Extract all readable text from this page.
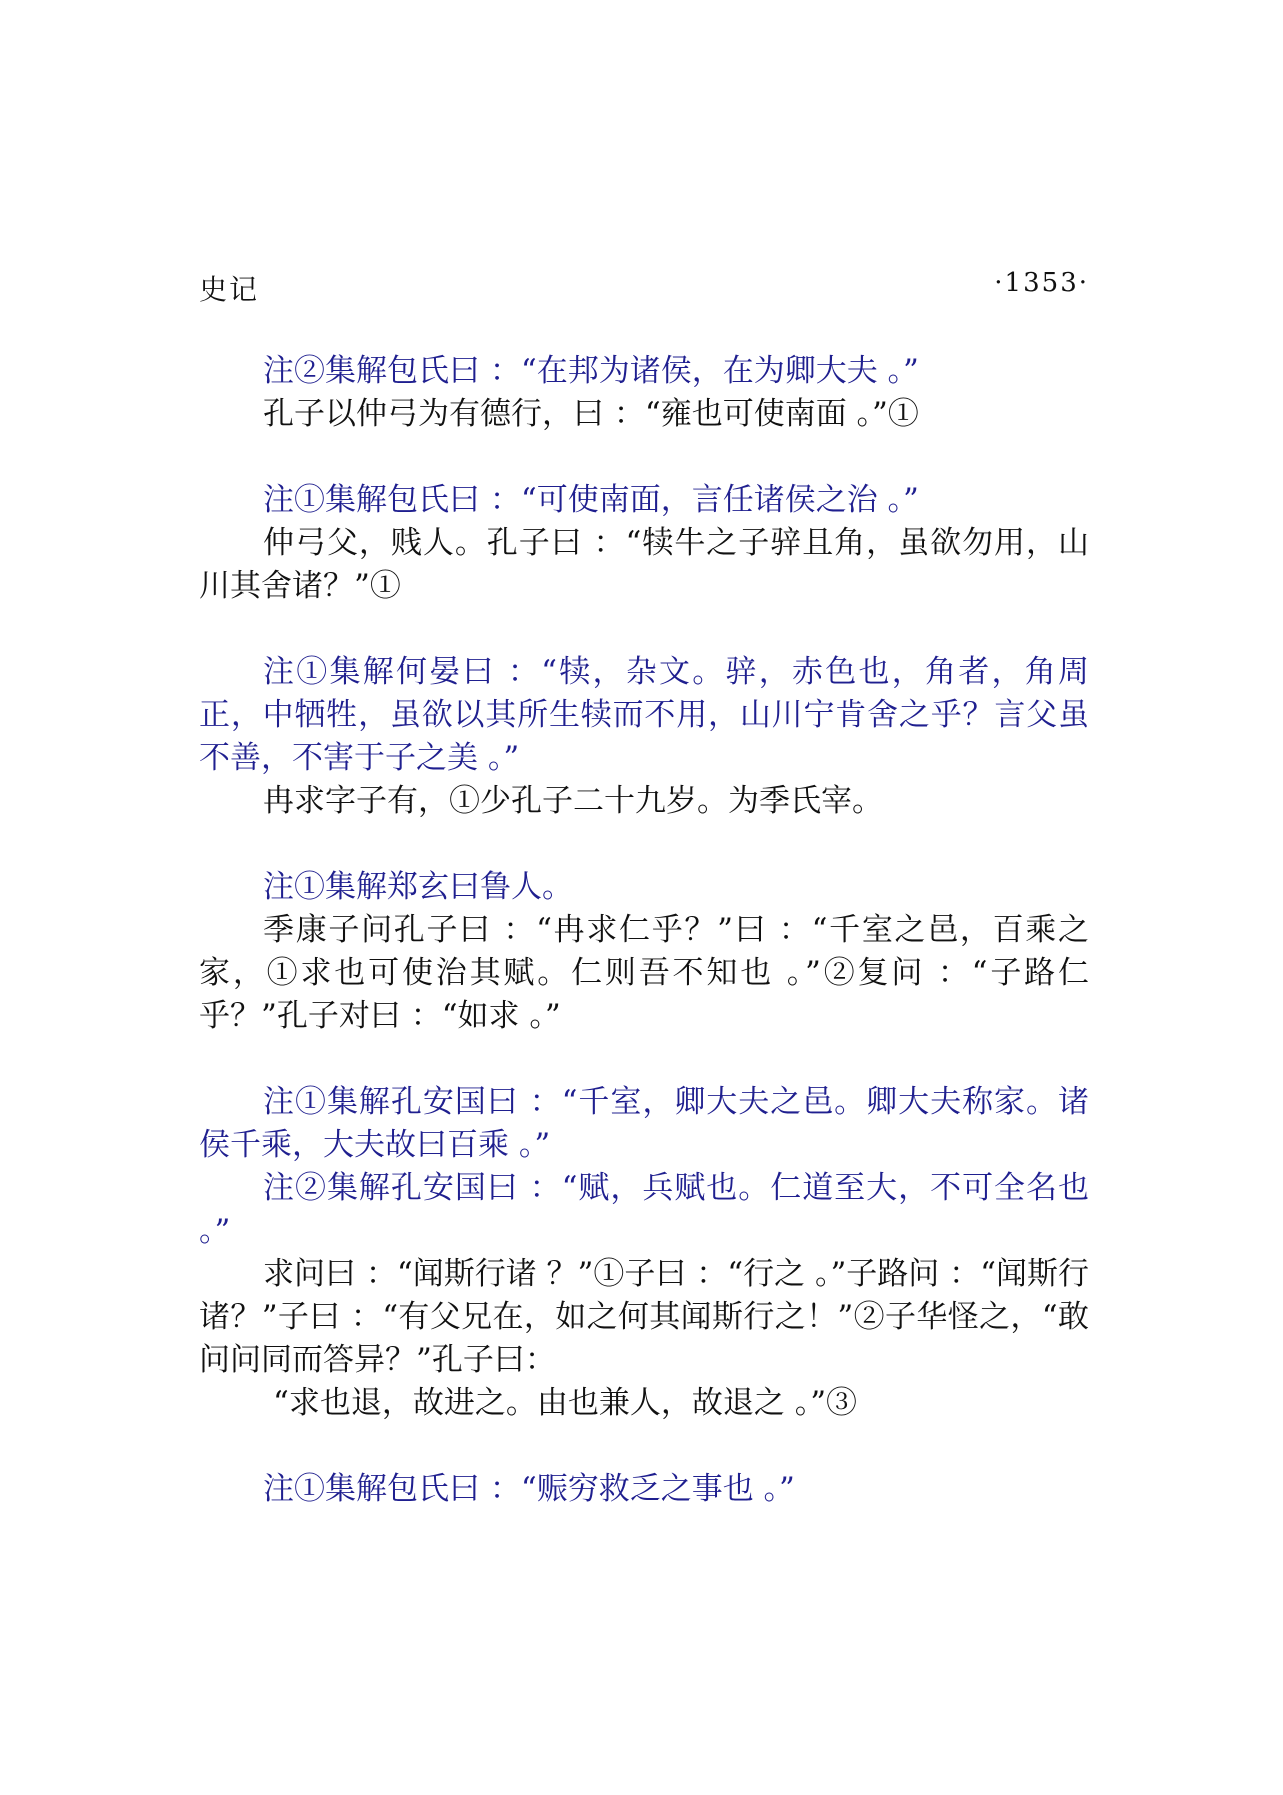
史记	·1353·

注②集解包氏曰 ：“在邦为诸侯，在为卿大夫 。”

孔子以仲弓为有德行，曰 ：“雍也可使南面 。”①

注①集解包氏曰 ：“可使南面，言任诸侯之治 。”

仲弓父，贱人。孔子曰 ：“犊牛之子骍且角，虽欲勿用，山川其舍诸？”①

注①集解何晏曰 ：“犊，杂文。骍，赤色也，角者，角周正，中牺牲，虽欲以其所生犊而不用，山川宁肯舍之乎？言父虽不善，不害于子之美 。”

冉求字子有，①少孔子二十九岁。为季氏宰。

注①集解郑玄曰鲁人。

季康子问孔子曰 ：“冉求仁乎？”曰 ：“千室之邑，百乘之家，①求也可使治其赋。仁则吾不知也 。”②复问 ：“子路仁乎？”孔子对曰 ：“如求 。”

注①集解孔安国曰 ：“千室，卿大夫之邑。卿大夫称家。诸侯千乘，大夫故曰百乘 。”

注②集解孔安国曰 ：“赋，兵赋也。仁道至大，不可全名也 。”

求问曰 ：“闻斯行诸 ？”①子曰 ：“行之 。”子路问 ：“闻斯行诸？”子曰 ：“有父兄在，如之何其闻斯行之！”②子华怪之，“敢问问同而答异？”孔子曰：

“求也退，故进之。由也兼人，故退之 。”③

注①集解包氏曰 ：“赈穷救乏之事也 。”
